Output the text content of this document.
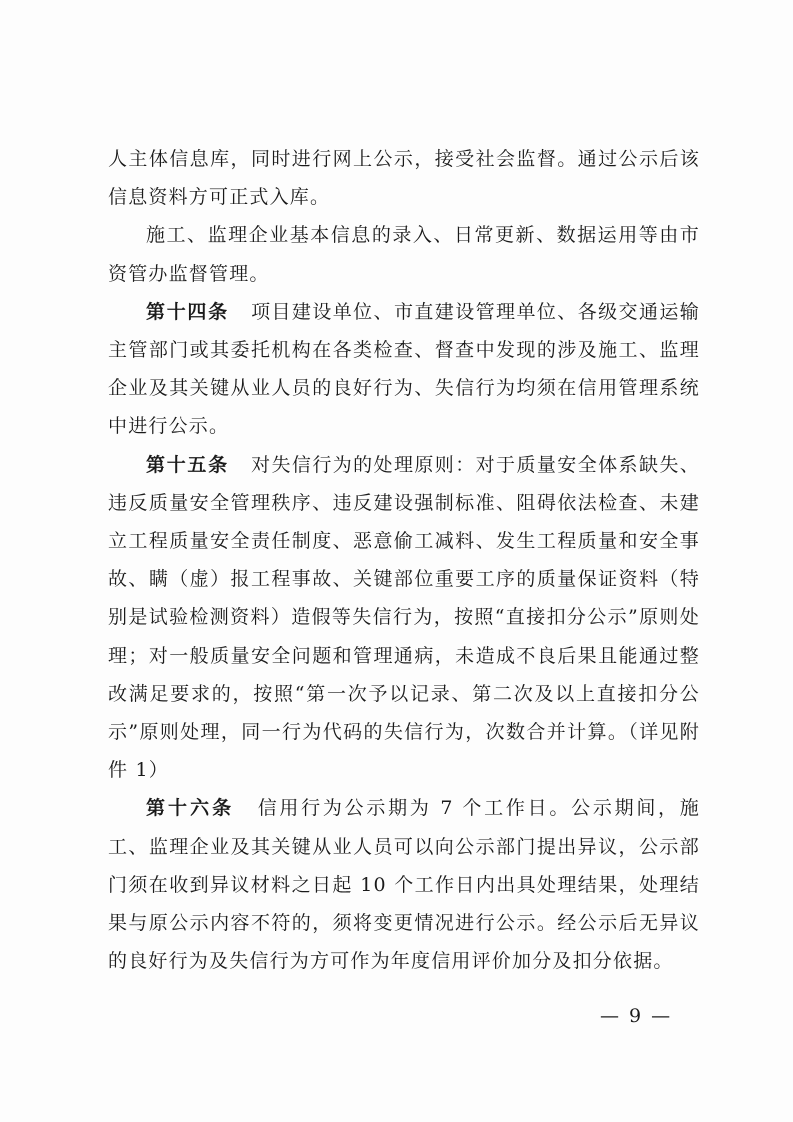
人主体信息库，同时进行网上公示，接受社会监督。通过公示后该信息资料方可正式入库。

施工、监理企业基本信息的录入、日常更新、数据运用等由市资管办监督管理。

第十四条 项目建设单位、市直建设管理单位、各级交通运输主管部门或其委托机构在各类检查、督查中发现的涉及施工、监理企业及其关键从业人员的良好行为、失信行为均须在信用管理系统中进行公示。

第十五条 对失信行为的处理原则：对于质量安全体系缺失、违反质量安全管理秩序、违反建设强制标准、阻碍依法检查、未建立工程质量安全责任制度、恶意偷工减料、发生工程质量和安全事故、瞒（虚）报工程事故、关键部位重要工序的质量保证资料（特别是试验检测资料）造假等失信行为，按照“直接扣分公示”原则处理；对一般质量安全问题和管理通病，未造成不良后果且能通过整改满足要求的，按照“第一次予以记录、第二次及以上直接扣分公示”原则处理，同一行为代码的失信行为，次数合并计算。（详见附件 1）

第十六条 信用行为公示期为 7 个工作日。公示期间，施工、监理企业及其关键从业人员可以向公示部门提出异议，公示部门须在收到异议材料之日起 10 个工作日内出具处理结果，处理结果与原公示内容不符的，须将变更情况进行公示。经公示后无异议的良好行为及失信行为方可作为年度信用评价加分及扣分依据。

— 9 —
